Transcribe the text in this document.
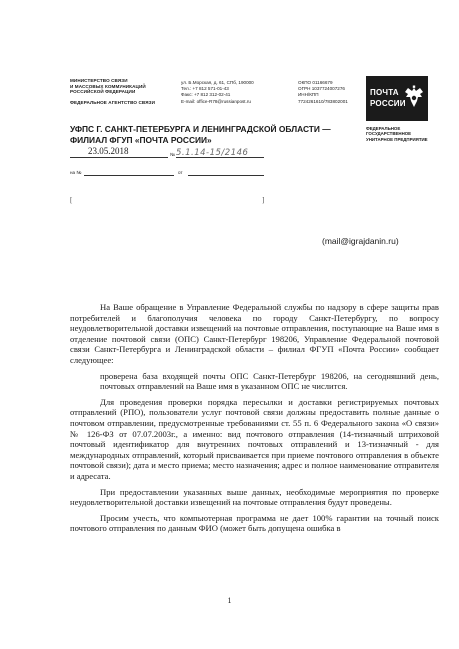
МИНИСТЕРСТВО СВЯЗИ
И МАССОВЫХ КОММУНИКАЦИЙ
РОССИЙСКОЙ ФЕДЕРАЦИИ
ФЕДЕРАЛЬНОЕ АГЕНТСТВО СВЯЗИ
ул. Б.Морская, д. 61, СПб, 190000
Тел.: +7 812 571-01-43
Факс: +7 812 312-02-41
E-mail: office-R78@russianpost.ru
ОКПО 01166679
ОГРН 1037724007276
ИНН/КПП
7724261610/783802001
ПОЧТА
РОССИИ
ФЕДЕРАЛЬНОЕ ГОСУДАРСТВЕННОЕ
УНИТАРНОЕ ПРЕДПРИЯТИЕ
УФПС Г. САНКТ-ПЕТЕРБУРГА И ЛЕНИНГРАДСКОЙ ОБЛАСТИ —
ФИЛИАЛ ФГУП «ПОЧТА РОССИИ»
23.05.2018	№ 5.1.14-15/2146
на №	от
[	]
(mail@igrajdanin.ru)

На Ваше обращение в Управление Федеральной службы по надзору в сфере защиты прав потребителей и благополучия человека по городу Санкт-Петербургу, по вопросу неудовлетворительной доставки извещений на почтовые отправления, поступающие на Ваше имя в отделение почтовой связи (ОПС) Санкт-Петербург 198206, Управление Федеральной почтовой связи Санкт-Петербурга и Ленинградской области – филиал ФГУП «Почта России» сообщает следующее:

проверена база входящей почты ОПС Санкт-Петербург 198206, на сегодняшний день, почтовых отправлений на Ваше имя в указанном ОПС не числится.

Для проведения проверки порядка пересылки и доставки регистрируемых почтовых отправлений (РПО), пользователи услуг почтовой связи должны предоставить полные данные о почтовом отправлении, предусмотренные требованиями ст. 55 п. 6 Федерального закона «О связи» № 126-ФЗ от 07.07.2003г., а именно: вид почтового отправления (14-тизначный штриховой почтовый идентификатор для внутренних почтовых отправлений и 13-тизначный - для международных отправлений, который присваивается при приеме почтового отправления в объекте почтовой связи); дата и место приема; место назначения; адрес и полное наименование отправителя и адресата.

При предоставлении указанных выше данных, необходимые мероприятия по проверке неудовлетворительной доставки извещений на почтовые отправления будут проведены.

Просим учесть, что компьютерная программа не дает 100% гарантии на точный поиск почтового отправления по данным ФИО (может быть допущена ошибка в

1
